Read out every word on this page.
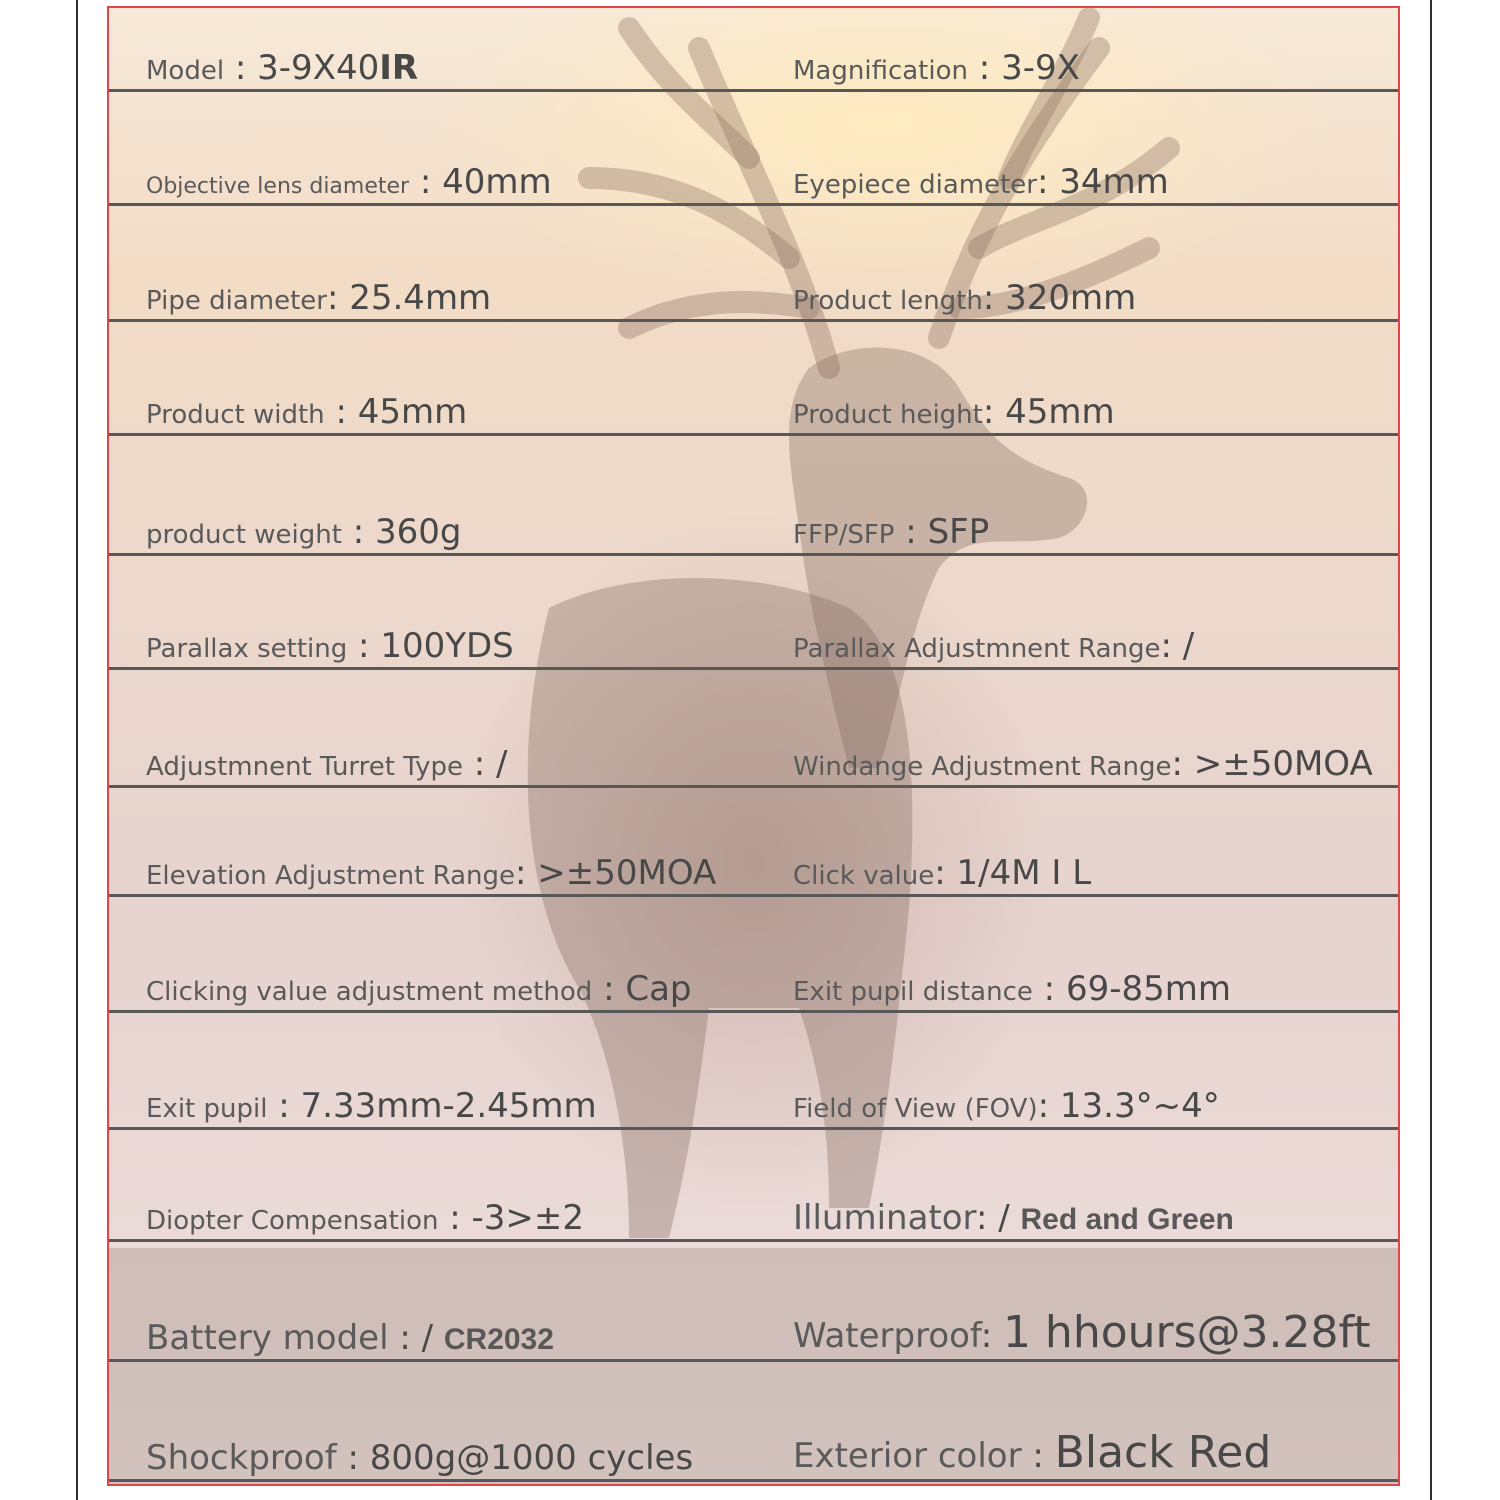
Model : 3-9X40IR	Magnification : 3-9X
Objective lens diameter : 40mm	Eyepiece diameter: 34mm
Pipe diameter: 25.4mm	Product length: 320mm
Product width : 45mm	Product height: 45mm
product weight : 360g	FFP/SFP : SFP
Parallax setting : 100YDS	Parallax Adjustmnent Range: /
Adjustmnent Turret Type : /	Windange Adjustment Range: >±50MOA
Elevation Adjustment Range: >±50MOA	Click value: 1/4M I L
Clicking value adjustment method : Cap	Exit pupil distance : 69-85mm
Exit pupil : 7.33mm-2.45mm	Field of View (FOV): 13.3°~4°
Diopter Compensation : -3>±2	Illuminator: / Red and Green
Battery model : / CR2032	Waterproof: 1 hhours@3.28ft
Shockproof : 800g@1000 cycles	Exterior color : Black Red
